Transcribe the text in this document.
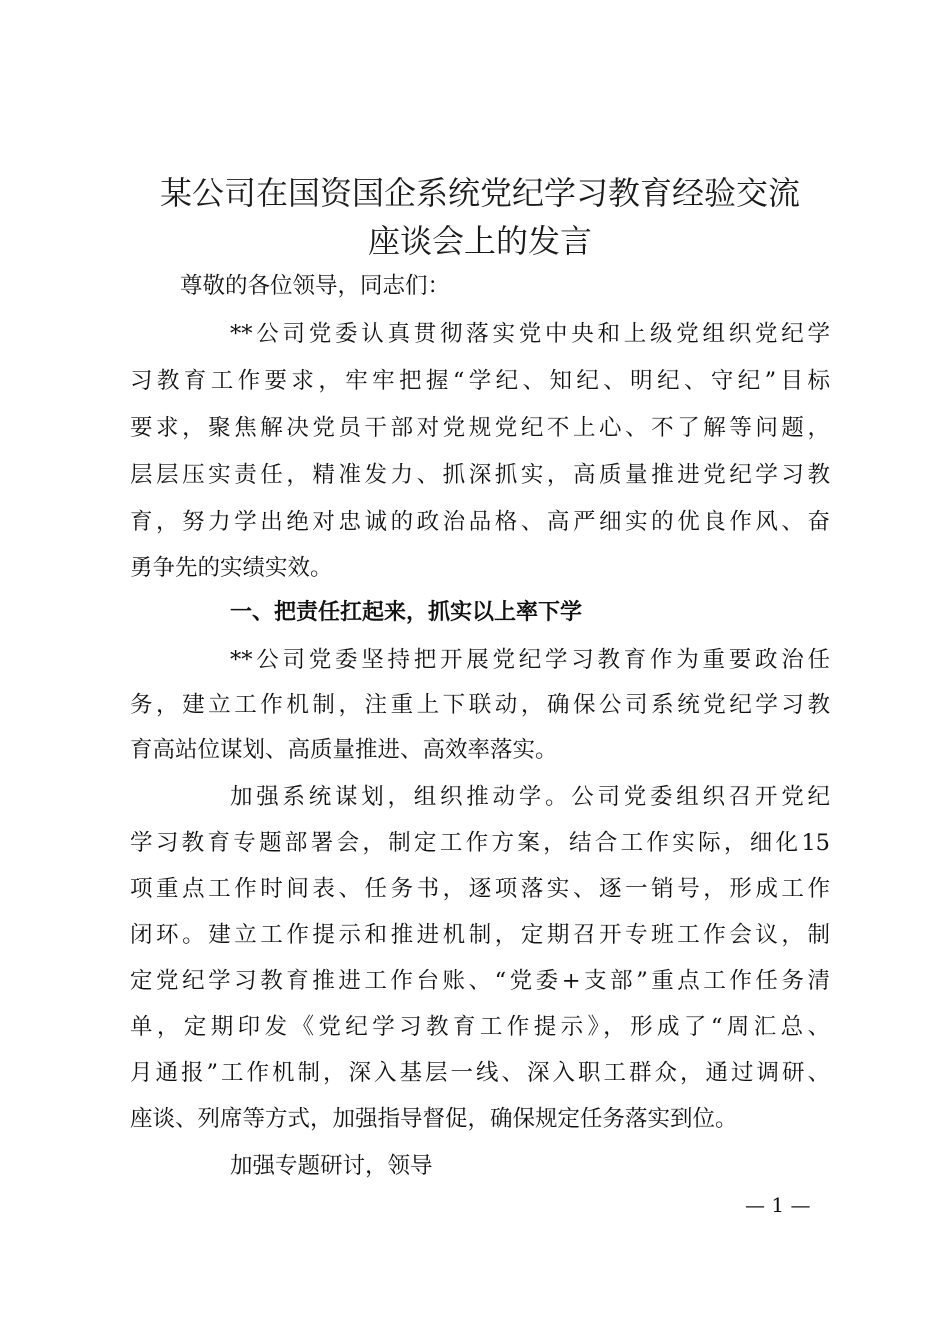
某公司在国资国企系统党纪学习教育经验交流
座谈会上的发言
尊敬的各位领导，同志们：
**公司党委认真贯彻落实党中央和上级党组织党纪学
习教育工作要求，牢牢把握“学纪、知纪、明纪、守纪”目标
要求，聚焦解决党员干部对党规党纪不上心、不了解等问题，
层层压实责任，精准发力、抓深抓实，高质量推进党纪学习教
育，努力学出绝对忠诚的政治品格、高严细实的优良作风、奋
勇争先的实绩实效。
一、把责任扛起来，抓实以上率下学
**公司党委坚持把开展党纪学习教育作为重要政治任
务，建立工作机制，注重上下联动，确保公司系统党纪学习教
育高站位谋划、高质量推进、高效率落实。
加强系统谋划，组织推动学。公司党委组织召开党纪
学习教育专题部署会，制定工作方案，结合工作实际，细化15
项重点工作时间表、任务书，逐项落实、逐一销号，形成工作
闭环。建立工作提示和推进机制，定期召开专班工作会议，制
定党纪学习教育推进工作台账、“党委+支部”重点工作任务清
单，定期印发《党纪学习教育工作提示》，形成了“周汇总、
月通报”工作机制，深入基层一线、深入职工群众，通过调研、
座谈、列席等方式，加强指导督促，确保规定任务落实到位。
加强专题研讨，领导
— 1 —
